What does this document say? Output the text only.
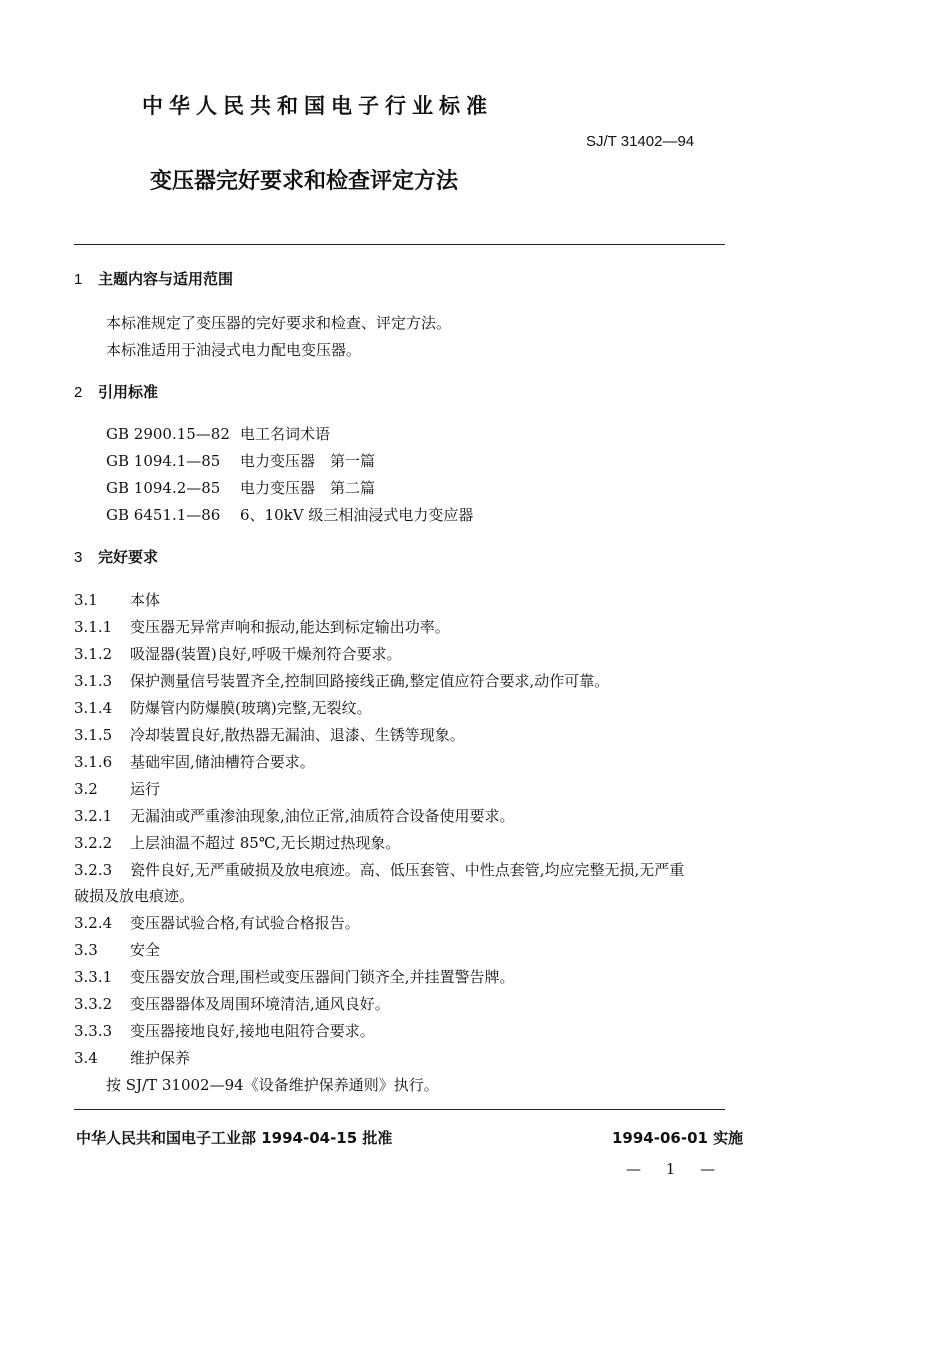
中华人民共和国电子行业标准
SJ/T 31402—94
变压器完好要求和检查评定方法
1 主题内容与适用范围
本标准规定了变压器的完好要求和检查、评定方法。
本标准适用于油浸式电力配电变压器。
2 引用标准
GB 2900.15—82 电工名词术语
GB 1094.1—85 电力变压器　第一篇
GB 1094.2—85 电力变压器　第二篇
GB 6451.1—86 6、10kV 级三相油浸式电力变应器
3 完好要求
3.1 本体
3.1.1 变压器无异常声响和振动,能达到标定输出功率。
3.1.2 吸湿器(装置)良好,呼吸干燥剂符合要求。
3.1.3 保护测量信号装置齐全,控制回路接线正确,整定值应符合要求,动作可靠。
3.1.4 防爆管内防爆膜(玻璃)完整,无裂纹。
3.1.5 冷却装置良好,散热器无漏油、退漆、生锈等现象。
3.1.6 基础牢固,储油槽符合要求。
3.2 运行
3.2.1 无漏油或严重渗油现象,油位正常,油质符合设备使用要求。
3.2.2 上层油温不超过 85℃,无长期过热现象。
3.2.3 瓷件良好,无严重破损及放电痕迹。高、低压套管、中性点套管,均应完整无损,无严重
破损及放电痕迹。
3.2.4 变压器试验合格,有试验合格报告。
3.3 安全
3.3.1 变压器安放合理,围栏或变压器间门锁齐全,并挂置警告牌。
3.3.2 变压器器体及周围环境清洁,通风良好。
3.3.3 变压器接地良好,接地电阻符合要求。
3.4 维护保养
按 SJ/T 31002—94《设备维护保养通则》执行。
中华人民共和国电子工业部 1994-04-15 批准	1994-06-01 实施
— 1 —
